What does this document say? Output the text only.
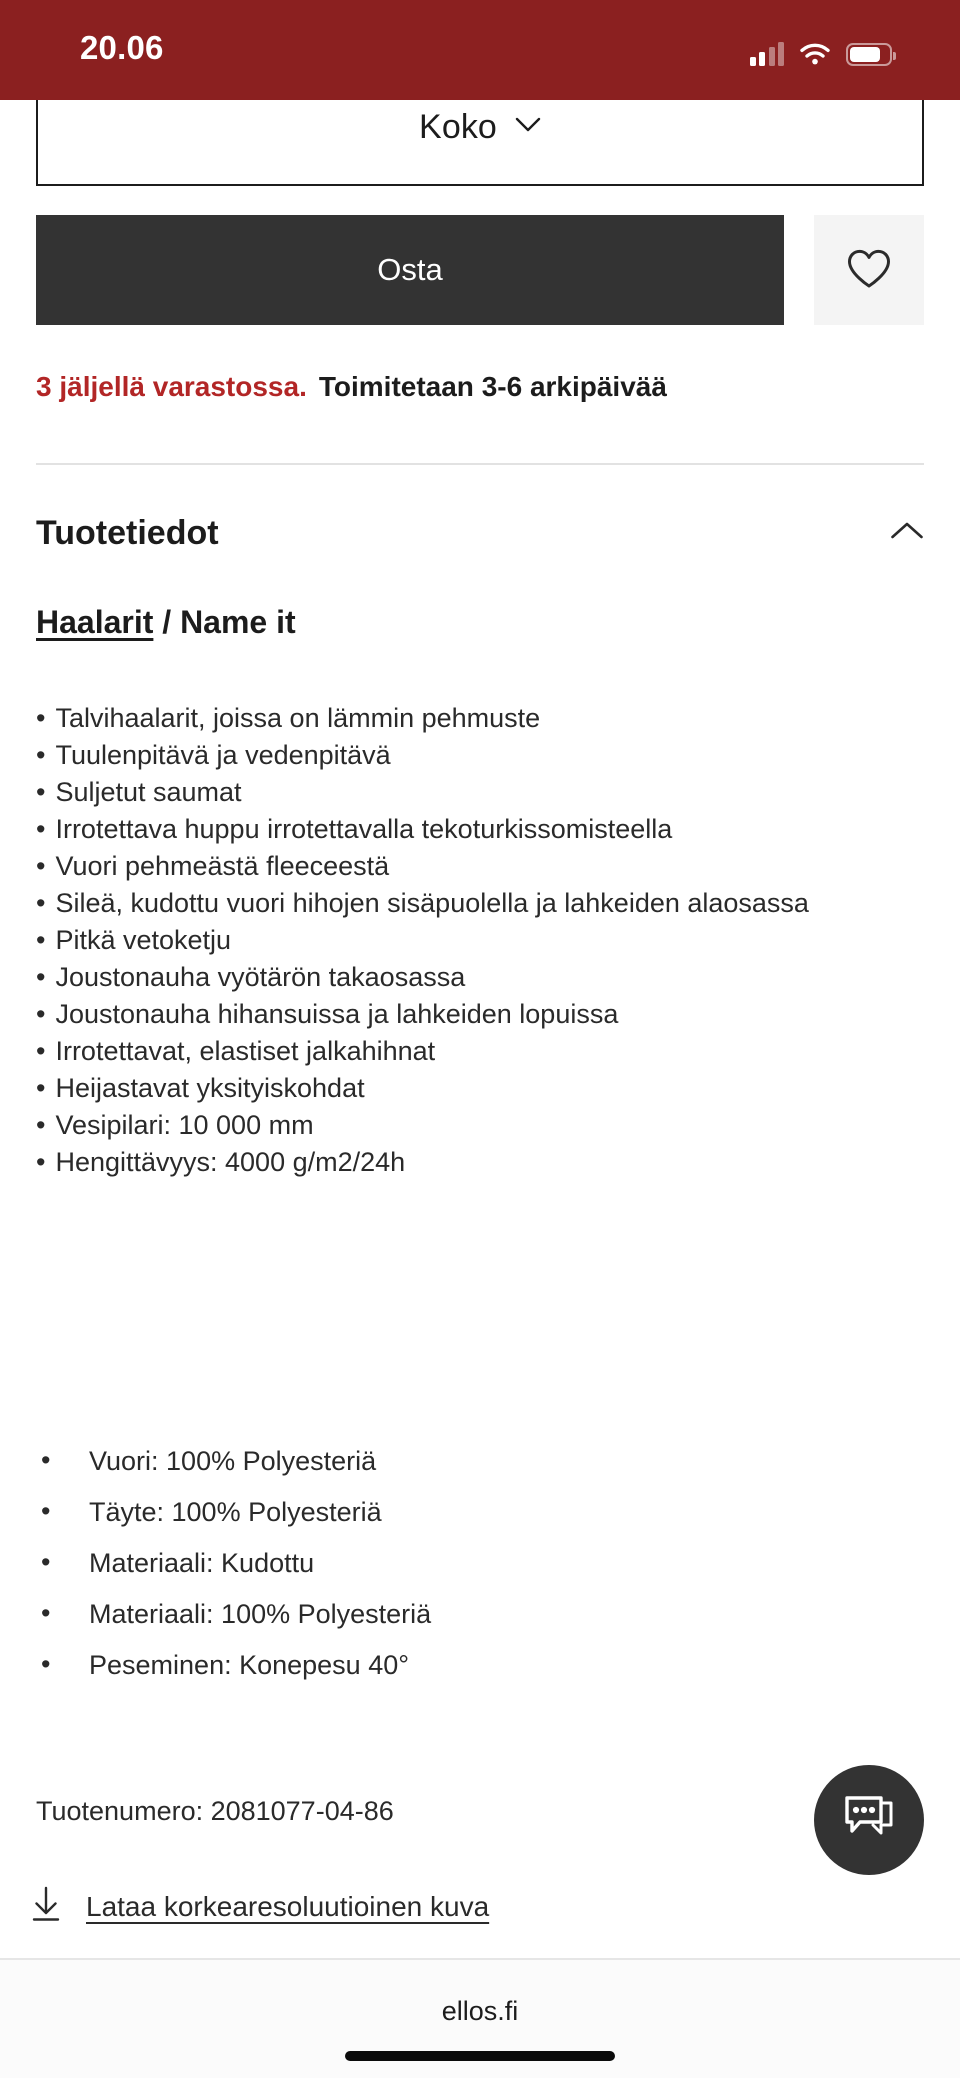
Koko
Osta
3 jäljellä varastossa. Toimitetaan 3-6 arkipäivää
Tuotetiedot
Haalarit / Name it
• Talvihaalarit, joissa on lämmin pehmuste
• Tuulenpitävä ja vedenpitävä
• Suljetut saumat
• Irrotettava huppu irrotettavalla tekoturkissomisteella
• Vuori pehmeästä fleeceestä
• Sileä, kudottu vuori hihojen sisäpuolella ja lahkeiden alaosassa
• Pitkä vetoketju
• Joustonauha vyötärön takaosassa
• Joustonauha hihansuissa ja lahkeiden lopuissa
• Irrotettavat, elastiset jalkahihnat
• Heijastavat yksityiskohdat
• Vesipilari: 10 000 mm
• Hengittävyys: 4000 g/m2/24h
• Vuori: 100% Polyesteriä
• Täyte: 100% Polyesteriä
• Materiaali: Kudottu
• Materiaali: 100% Polyesteriä
• Peseminen: Konepesu 40°
Tuotenumero: 2081077-04-86
Lataa korkearesoluutioinen kuva
20.06
ellos.fi
